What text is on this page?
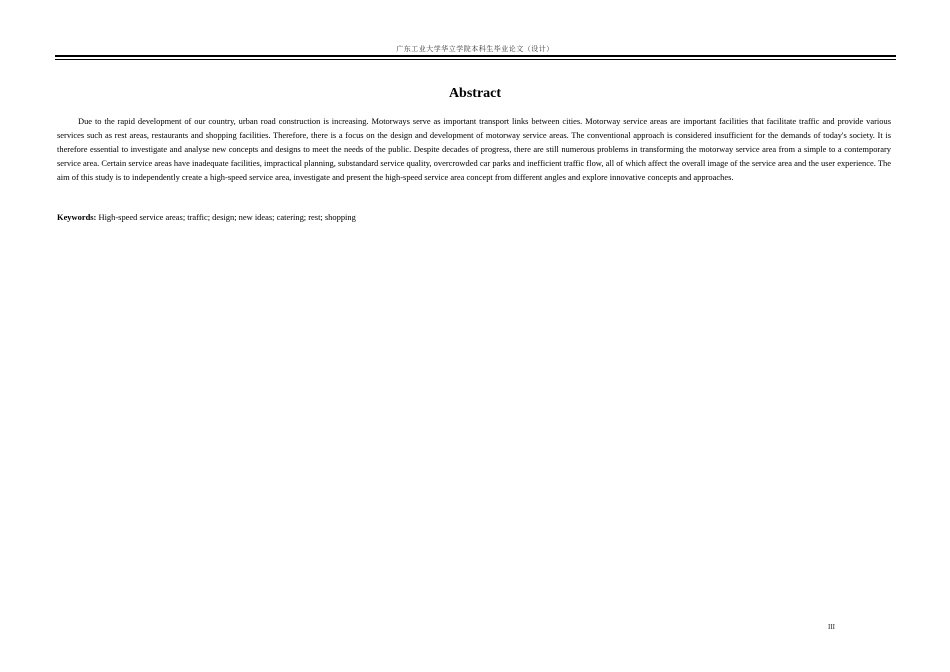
广东工业大学华立学院本科生毕业论文（设计）
Abstract

Due to the rapid development of our country, urban road construction is increasing. Motorways serve as important transport links between cities. Motorway service areas are important facilities that facilitate traffic and provide various services such as rest areas, restaurants and shopping facilities. Therefore, there is a focus on the design and development of motorway service areas. The conventional approach is considered insufficient for the demands of today's society. It is therefore essential to investigate and analyse new concepts and designs to meet the needs of the public. Despite decades of progress, there are still numerous problems in transforming the motorway service area from a simple to a contemporary service area. Certain service areas have inadequate facilities, impractical planning, substandard service quality, overcrowded car parks and inefficient traffic flow, all of which affect the overall image of the service area and the user experience. The aim of this study is to independently create a high-speed service area, investigate and present the high-speed service area concept from different angles and explore innovative concepts and approaches.

Keywords: High-speed service areas; traffic; design; new ideas; catering; rest; shopping

III
